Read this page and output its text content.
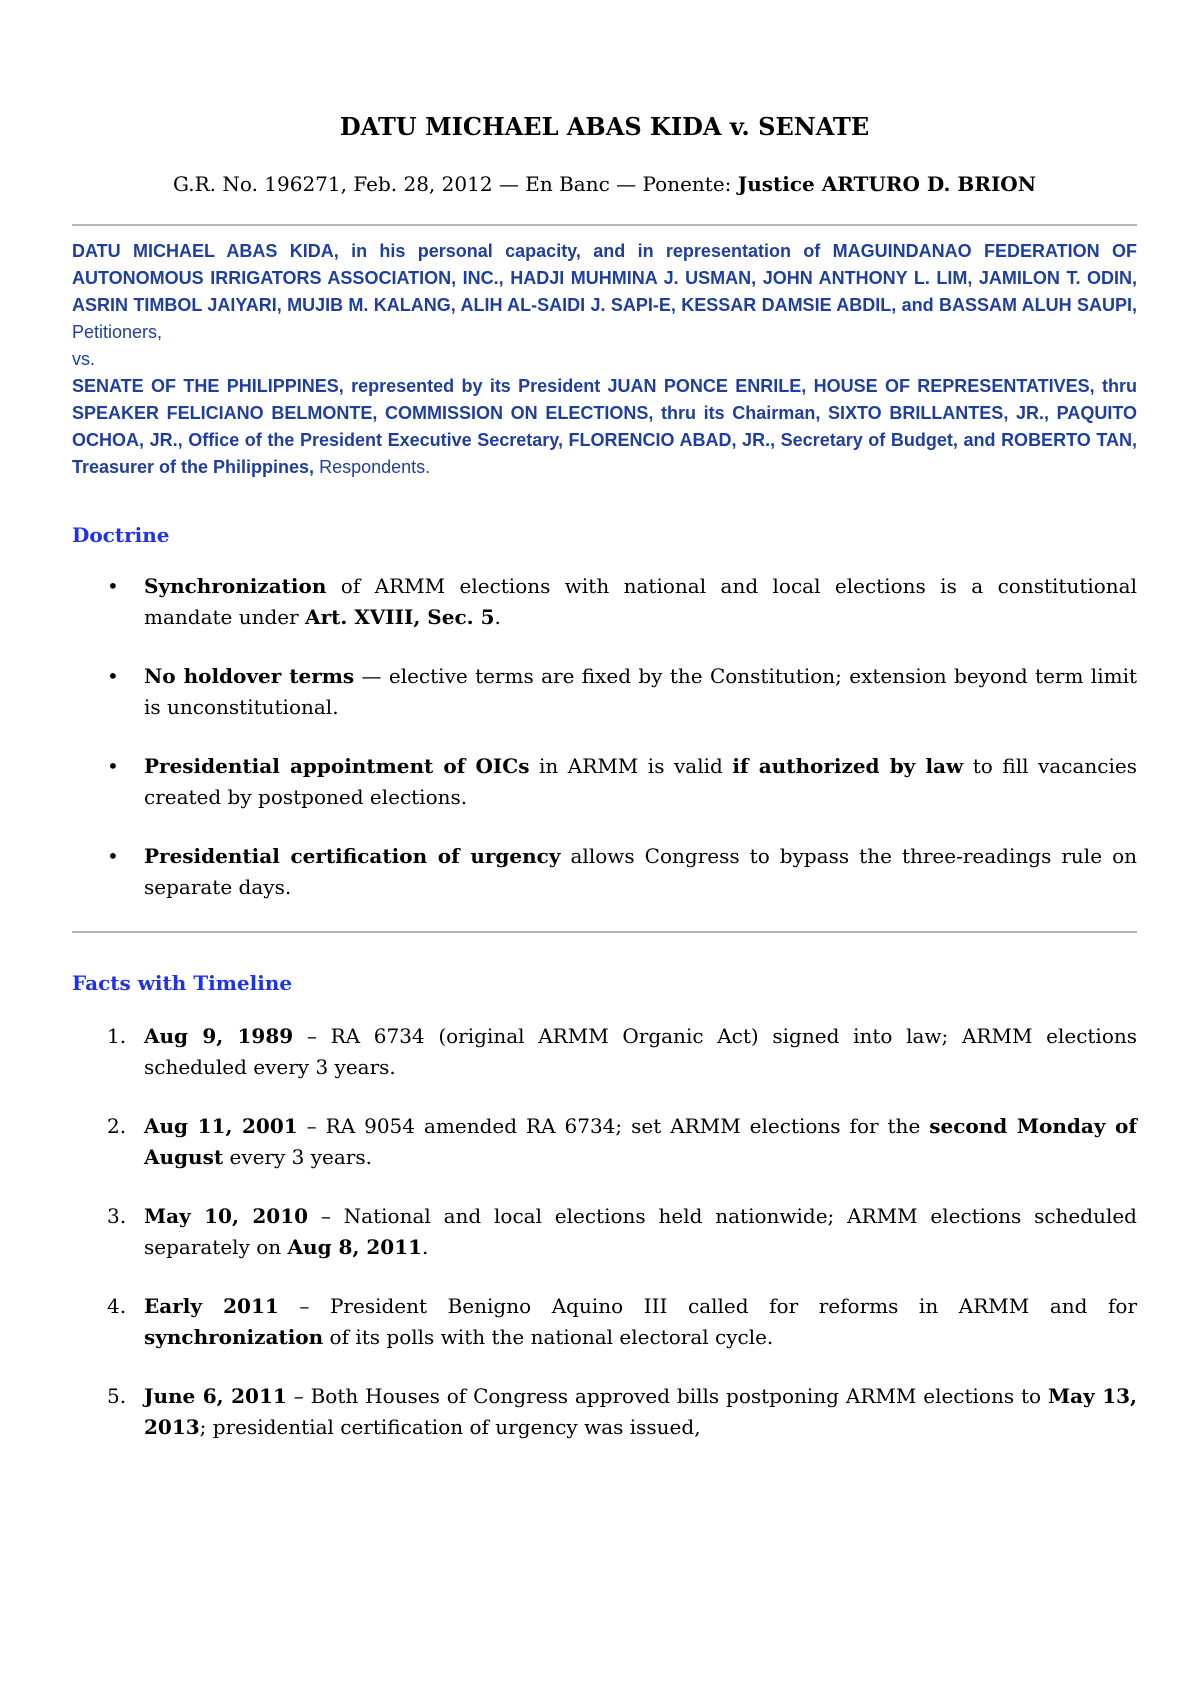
DATU MICHAEL ABAS KIDA v. SENATE
G.R. No. 196271, Feb. 28, 2012 — En Banc — Ponente: Justice ARTURO D. BRION
DATU MICHAEL ABAS KIDA, in his personal capacity, and in representation of MAGUINDANAO FEDERATION OF AUTONOMOUS IRRIGATORS ASSOCIATION, INC., HADJI MUHMINA J. USMAN, JOHN ANTHONY L. LIM, JAMILON T. ODIN, ASRIN TIMBOL JAIYARI, MUJIB M. KALANG, ALIH AL-SAIDI J. SAPI-E, KESSAR DAMSIE ABDIL, and BASSAM ALUH SAUPI, Petitioners,
vs.
SENATE OF THE PHILIPPINES, represented by its President JUAN PONCE ENRILE, HOUSE OF REPRESENTATIVES, thru SPEAKER FELICIANO BELMONTE, COMMISSION ON ELECTIONS, thru its Chairman, SIXTO BRILLANTES, JR., PAQUITO OCHOA, JR., Office of the President Executive Secretary, FLORENCIO ABAD, JR., Secretary of Budget, and ROBERTO TAN, Treasurer of the Philippines, Respondents.
Doctrine
• Synchronization of ARMM elections with national and local elections is a constitutional mandate under Art. XVIII, Sec. 5.
• No holdover terms — elective terms are fixed by the Constitution; extension beyond term limit is unconstitutional.
• Presidential appointment of OICs in ARMM is valid if authorized by law to fill vacancies created by postponed elections.
• Presidential certification of urgency allows Congress to bypass the three-readings rule on separate days.
Facts with Timeline
1. Aug 9, 1989 – RA 6734 (original ARMM Organic Act) signed into law; ARMM elections scheduled every 3 years.
2. Aug 11, 2001 – RA 9054 amended RA 6734; set ARMM elections for the second Monday of August every 3 years.
3. May 10, 2010 – National and local elections held nationwide; ARMM elections scheduled separately on Aug 8, 2011.
4. Early 2011 – President Benigno Aquino III called for reforms in ARMM and for synchronization of its polls with the national electoral cycle.
5. June 6, 2011 – Both Houses of Congress approved bills postponing ARMM elections to May 13, 2013; presidential certification of urgency was issued,
